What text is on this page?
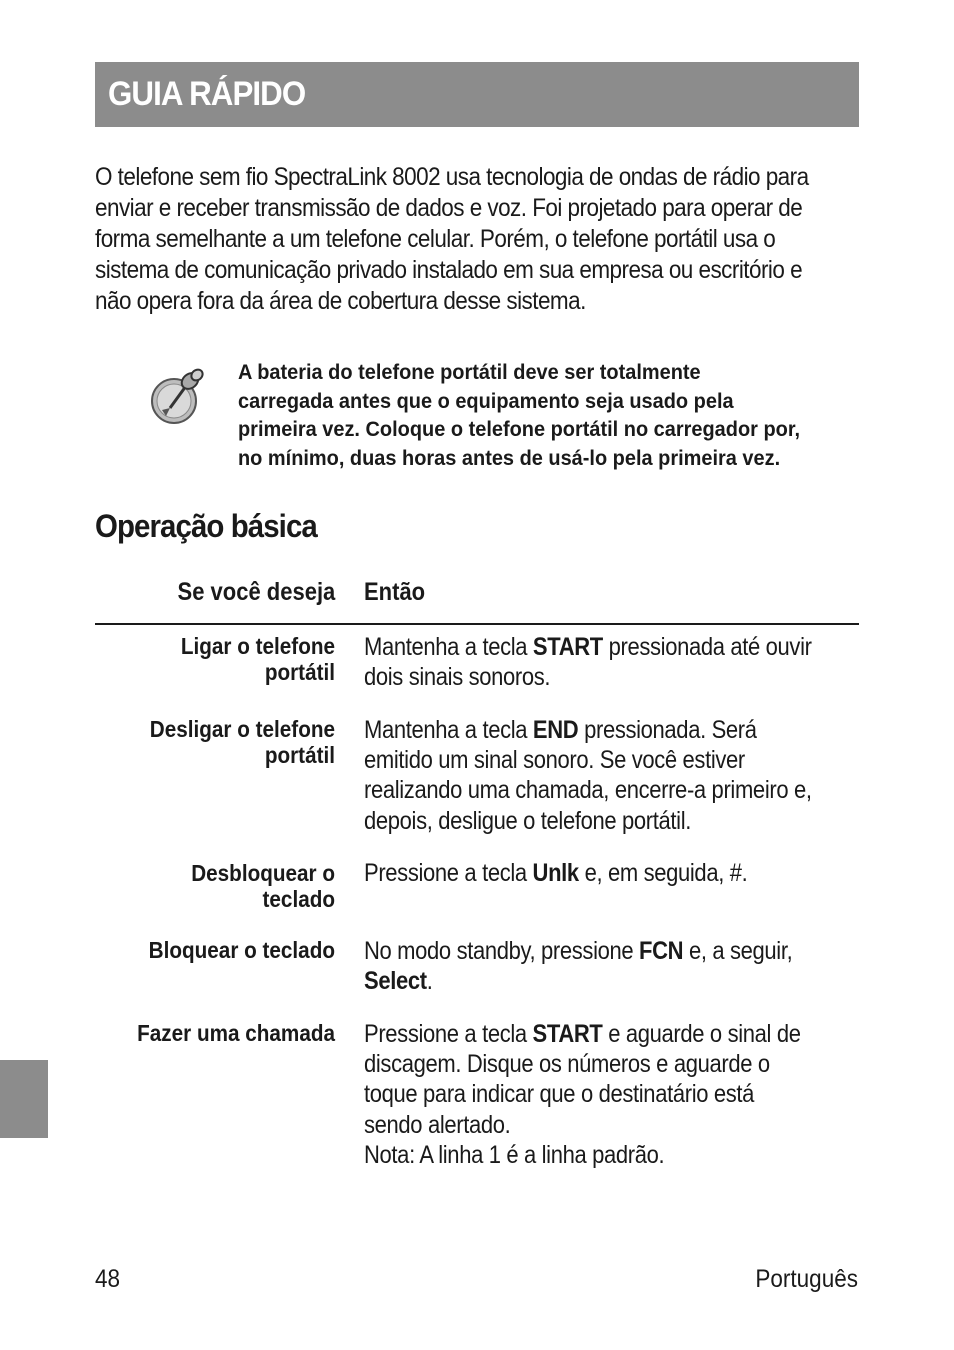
GUIA RÁPIDO
O telefone sem fio SpectraLink 8002 usa tecnologia de ondas de rádio para
enviar e receber transmissão de dados e voz. Foi projetado para operar de
forma semelhante a um telefone celular. Porém, o telefone portátil usa o
sistema de comunicação privado instalado em sua empresa ou escritório e
não opera fora da área de cobertura desse sistema.
A bateria do telefone portátil deve ser totalmente
carregada antes que o equipamento seja usado pela
primeira vez. Coloque o telefone portátil no carregador por,
no mínimo, duas horas antes de usá-lo pela primeira vez.
Operação básica
Se você deseja Então
Ligar o telefone
portátil
Mantenha a tecla START pressionada até ouvir
dois sinais sonoros.
Desligar o telefone
portátil
Mantenha a tecla END pressionada. Será
emitido um sinal sonoro. Se você estiver
realizando uma chamada, encerre-a primeiro e,
depois, desligue o telefone portátil.
Desbloquear o
teclado
Pressione a tecla Unlk e, em seguida, #.
Bloquear o teclado No modo standby, pressione FCN e, a seguir,
Select.
Fazer uma chamada Pressione a tecla START e aguarde o sinal de
discagem. Disque os números e aguarde o
toque para indicar que o destinatário está
sendo alertado.
Nota: A linha 1 é a linha padrão.
48	Português
